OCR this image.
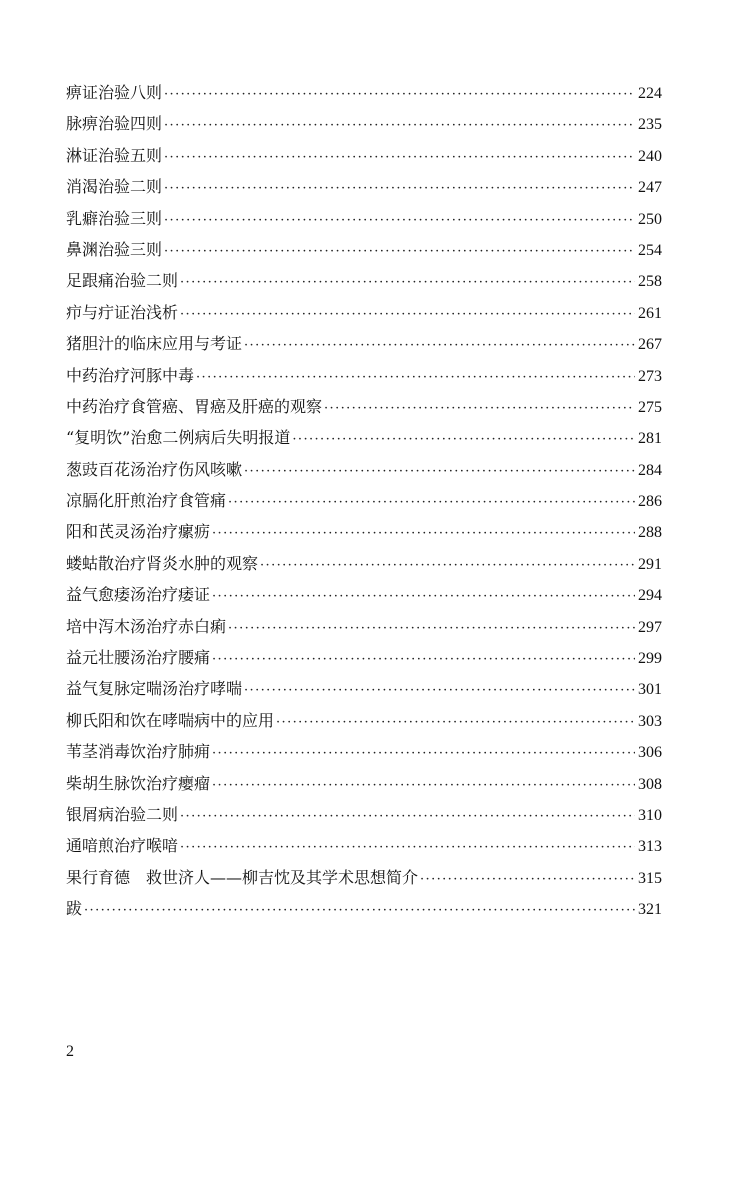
痹证治验八则 ·····	224
脉痹治验四则 ·····	235
淋证治验五则 ·····	240
消渴治验二则 ·····	247
乳癖治验三则 ·····	250
鼻渊治验三则 ·····	254
足跟痛治验二则 ·····	258
疖与疔证治浅析 ·····	261
猪胆汁的临床应用与考证 ·····	267
中药治疗河豚中毒 ·····	273
中药治疗食管癌、胃癌及肝癌的观察 ·····	275
“复明饮”治愈二例病后失明报道 ·····	281
葱豉百花汤治疗伤风咳嗽 ·····	284
凉膈化肝煎治疗食管痛 ·····	286
阳和芪灵汤治疗瘰疬 ·····	288
蝼蛄散治疗肾炎水肿的观察 ·····	291
益气愈痿汤治疗痿证 ·····	294
培中泻木汤治疗赤白痢 ·····	297
益元壮腰汤治疗腰痛 ·····	299
益气复脉定喘汤治疗哮喘 ·····	301
柳氏阳和饮在哮喘病中的应用 ·····	303
苇茎消毒饮治疗肺痈 ·····	306
柴胡生脉饮治疗瘿瘤 ·····	308
银屑病治验二则 ·····	310
通喑煎治疗喉喑 ·····	313
果行育德　救世济人——柳吉忱及其学术思想简介 ·····	315
跋 ·····	321
2
